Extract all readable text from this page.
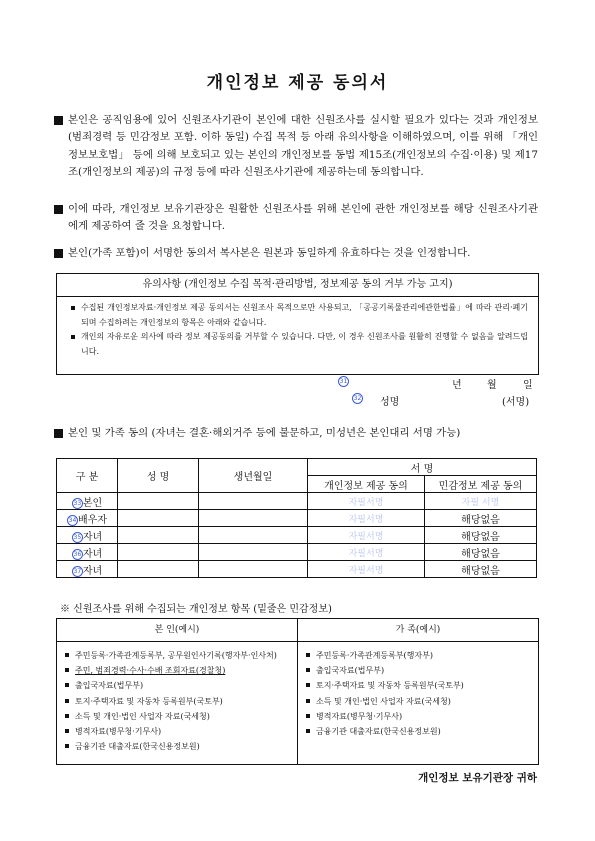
개인정보 제공 동의서
본인은 공직임용에 있어 신원조사기관이 본인에 대한 신원조사를 실시할 필요가 있다는 것과 개인정보(범죄경력 등 민감정보 포함. 이하 동일) 수집 목적 등 아래 유의사항을 이해하였으며, 이를 위해 「개인정보보호법」 등에 의해 보호되고 있는 본인의 개인정보를 동법 제15조(개인정보의 수집·이용) 및 제17조(개인정보의 제공)의 규정 등에 따라 신원조사기관에 제공하는데 동의합니다.
이에 따라, 개인정보 보유기관장은 원활한 신원조사를 위해 본인에 관한 개인정보를 해당 신원조사기관에게 제공하여 줄 것을 요청합니다.
본인(가족 포함)이 서명한 동의서 복사본은 원본과 동일하게 유효하다는 것을 인정합니다.
유의사항 (개인정보 수집 목적·관리방법, 정보제공 동의 거부 가능 고지)
수집된 개인정보자료·개인정보 제공 동의서는 신원조사 목적으로만 사용되고, 「공공기록물관리에관한법률」에 따라 관리·폐기되며 수집하려는 개인정보의 항목은 아래와 같습니다.
개인의 자유로운 의사에 따라 정보 제공동의를 거부할 수 있습니다. 다만, 이 경우 신원조사를 원활히 진행할 수 없음을 알려드립니다.
31	년	월	일
32 성명	(서명)
본인 및 가족 동의 (자녀는 결혼·해외거주 등에 불문하고, 미성년은 본인대리 서명 가능)
구 분	성 명	생년월일	서 명	
			개인정보 제공 동의	민감정보 제공 동의
33 본인			자필서명	자필 서명
34 배우자			자필서명	해당없음
35 자녀			자필서명	해당없음
36 자녀			자필서명	해당없음
37 자녀			자필서명	해당없음
※ 신원조사를 위해 수집되는 개인정보 항목 (밑줄은 민감정보)
본 인(예시)
주민등록·가족관계등록부, 공무원인사기록(행자부·인사처)
주민, 범죄경력·수사·수배 조회자료(경찰청)
출입국자료(법무부)
토지·주택자료 및 자동차 등록원부(국토부)
소득 및 개인·법인 사업자 자료(국세청)
병적자료(병무청·기무사)
금융기관 대출자료(한국신용정보원)
가 족(예시)
주민등록·가족관계등록부(행자부)
출입국자료(법무부)
토지·주택자료 및 자동차 등록원부(국토부)
소득 및 개인·법인 사업자 자료(국세청)
병적자료(병무청·기무사)
금융기관 대출자료(한국신용정보원)
개인정보 보유기관장 귀하
